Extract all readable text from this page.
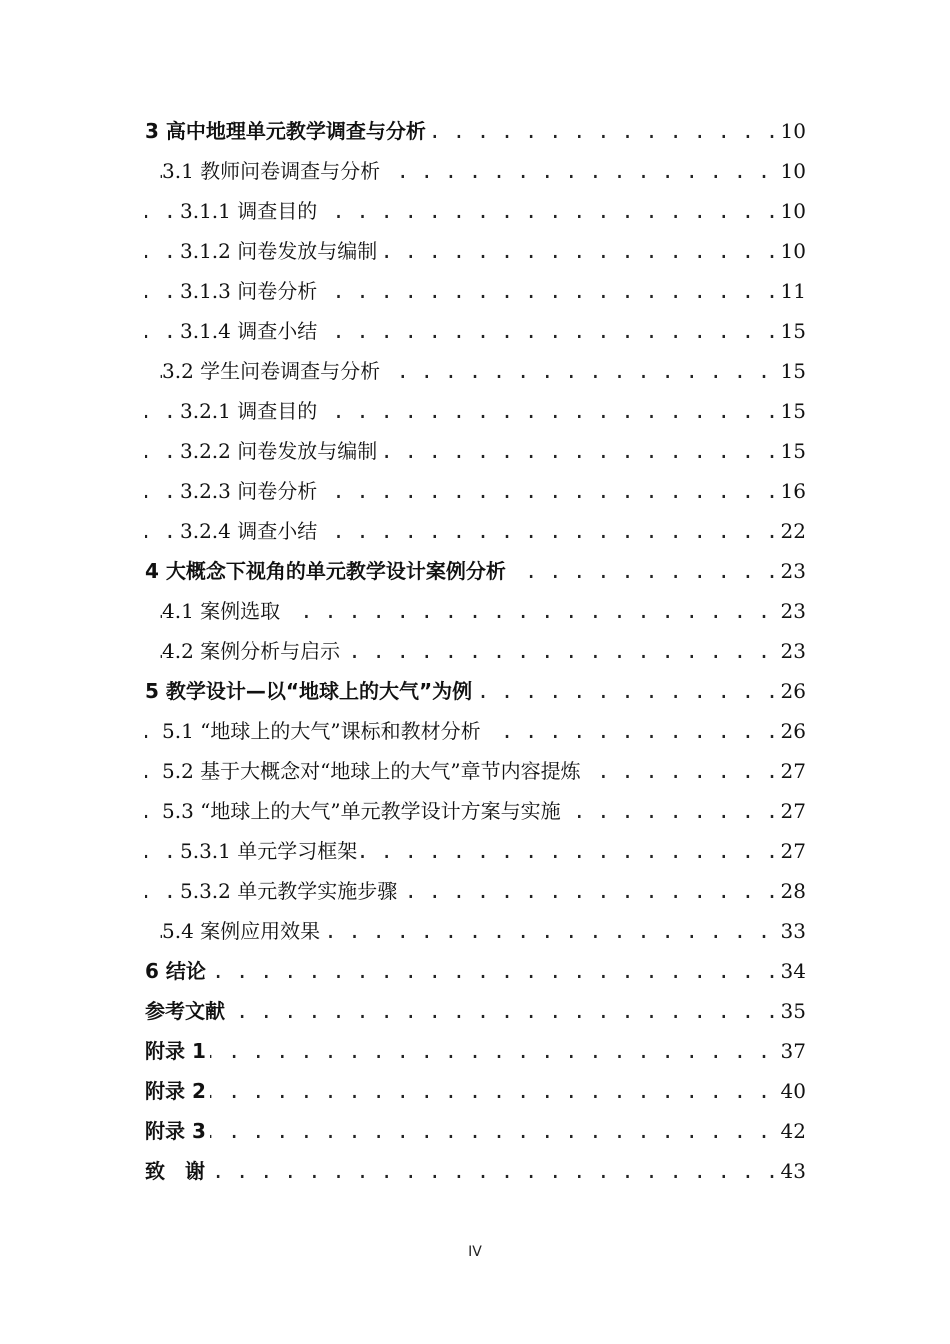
. . .
3 高中地理单元教学调查与分析	10
. . .
3.1 教师问卷调查与分析	10
. . .
3.1.1 调查目的	10
. . .
3.1.2 问卷发放与编制	10
. . .
3.1.3 问卷分析	11
. . .
3.1.4 调查小结	15
. . .
3.2 学生问卷调查与分析	15
. . .
3.2.1 调查目的	15
. . .
3.2.2 问卷发放与编制	15
. . .
3.2.3 问卷分析	16
. . .
3.2.4 调查小结	22
. . .
4 大概念下视角的单元教学设计案例分析	23
. . .
4.1 案例选取	23
. . .
4.2 案例分析与启示	23
. . .
5 教学设计—以“地球上的大气”为例	26
. . .
5.1 “地球上的大气”课标和教材分析	26
. . .
5.2 基于大概念对“地球上的大气”章节内容提炼	27
. . .
5.3 “地球上的大气”单元教学设计方案与实施	27
. . .
5.3.1 单元学习框架	27
. . .
5.3.2 单元教学实施步骤	28
. . .
5.4 案例应用效果	33
. . .
6 结论	34
. . .
参考文献	35
. . .
附录 1	37
. . .
附录 2	40
. . .
附录 3	42
. . .
致　谢	43
IV
